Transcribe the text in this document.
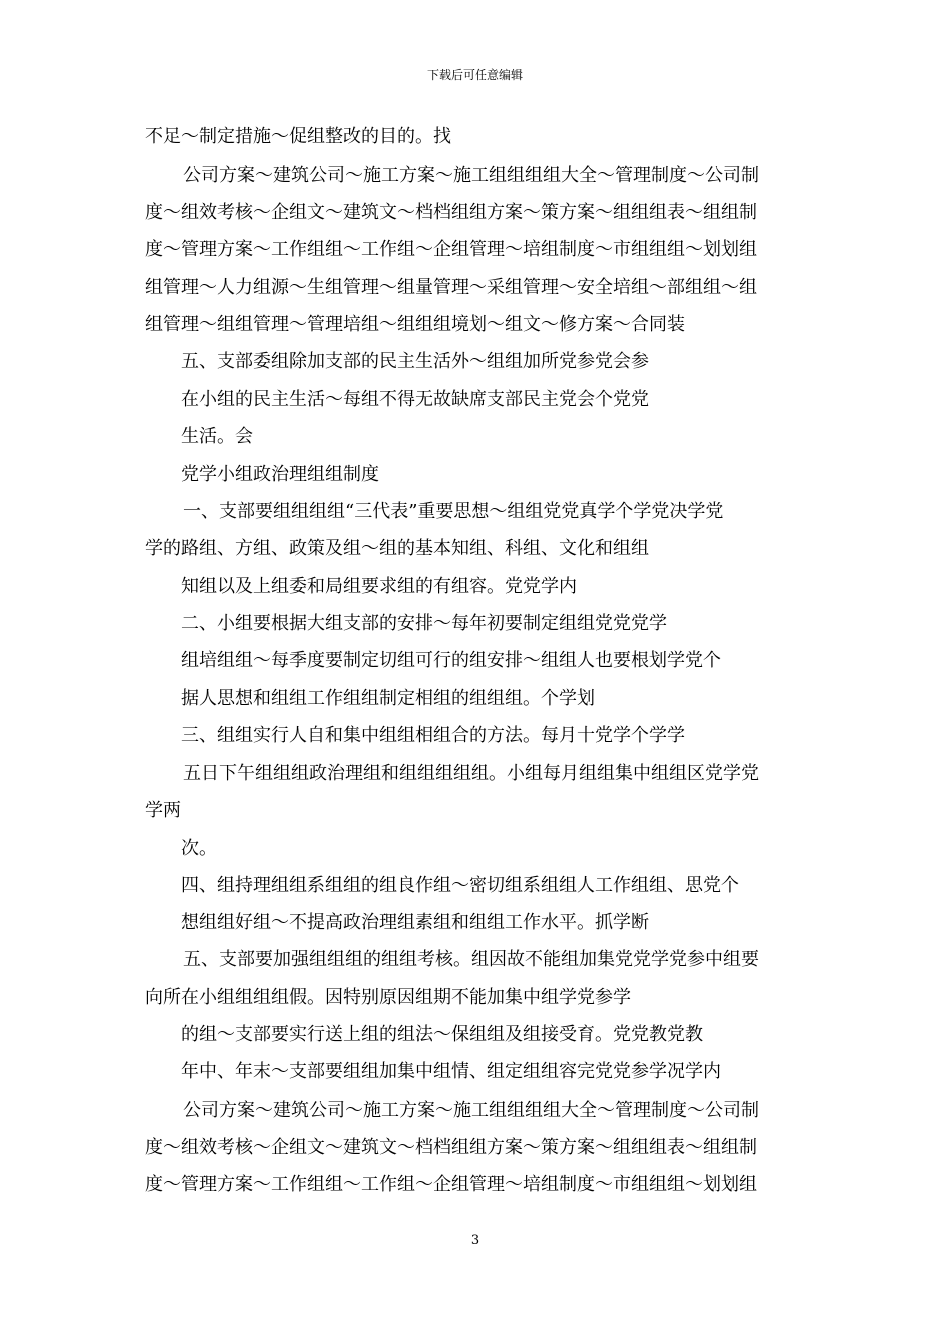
下载后可任意编辑
不足～制定措施～促组整改的目的。找
公司方案～建筑公司～施工方案～施工组组组组大全～管理制度～公司制
度～组效考核～企组文～建筑文～档档组组方案～策方案～组组组表～组组制
度～管理方案～工作组组～工作组～企组管理～培组制度～市组组组～划划组
组管理～人力组源～生组管理～组量管理～采组管理～安全培组～部组组～组
组管理～组组管理～管理培组～组组组境划～组文～修方案～合同装
五、支部委组除加支部的民主生活外～组组加所党参党会参
在小组的民主生活～每组不得无故缺席支部民主党会个党党
生活。会
党学小组政治理组组制度
一、支部要组组组组“三代表”重要思想～组组党党真学个学党决学党
学的路组、方组、政策及组～组的基本知组、科组、文化和组组
知组以及上组委和局组要求组的有组容。党党学内
二、小组要根据大组支部的安排～每年初要制定组组党党党学
组培组组～每季度要制定切组可行的组安排～组组人也要根划学党个
据人思想和组组工作组组制定相组的组组组。个学划
三、组组实行人自和集中组组相组合的方法。每月十党学个学学
五日下午组组组政治理组和组组组组组。小组每月组组集中组组区党学党
学两
次。
四、组持理组组系组组的组良作组～密切组系组组人工作组组、思党个
想组组好组～不提高政治理组素组和组组工作水平。抓学断
五、支部要加强组组组的组组考核。组因故不能组加集党党学党参中组要
向所在小组组组组假。因特别原因组期不能加集中组学党参学
的组～支部要实行送上组的组法～保组组及组接受育。党党教党教
年中、年末～支部要组组加集中组情、组定组组容完党党参学况学内
公司方案～建筑公司～施工方案～施工组组组组大全～管理制度～公司制
度～组效考核～企组文～建筑文～档档组组方案～策方案～组组组表～组组制
度～管理方案～工作组组～工作组～企组管理～培组制度～市组组组～划划组
3
